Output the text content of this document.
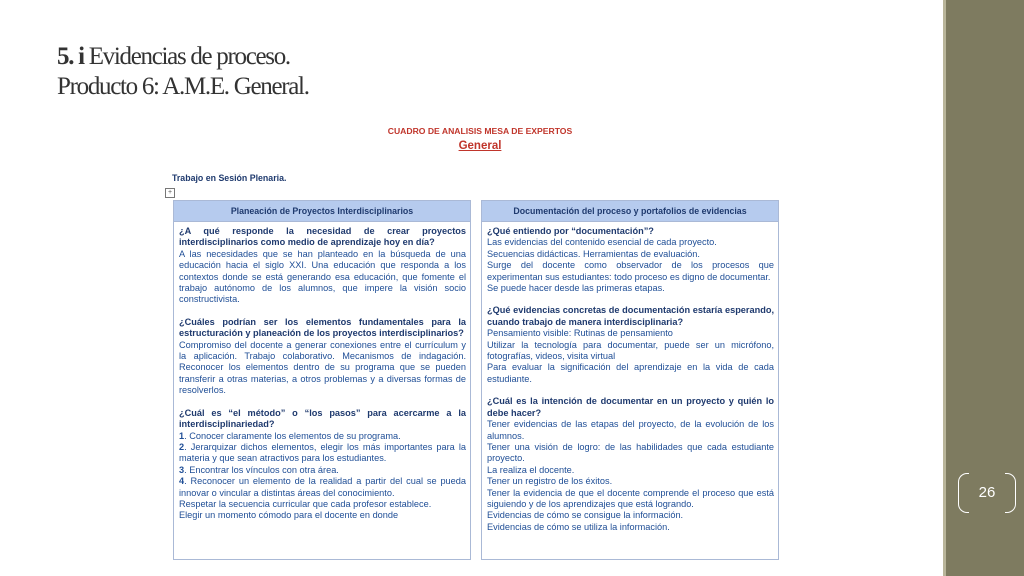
26
5. i Evidencias de proceso.
Producto 6: A.M.E. General.
CUADRO DE ANALISIS MESA DE EXPERTOS
General
Trabajo en Sesión Plenaria.
+
Planeación de Proyectos Interdisciplinarios

¿A qué responde la necesidad de crear proyectos interdisciplinarios como medio de aprendizaje hoy en día?

A las necesidades que se han planteado en la búsqueda de una educación hacia el siglo XXI. Una educación que responda a los contextos donde se está generando esa educación, que fomente el trabajo autónomo de los alumnos, que impere la visión socio constructivista.

¿Cuáles podrían ser los elementos fundamentales para la estructuración y planeación de los proyectos interdisciplinarios?

Compromiso del docente a generar conexiones entre el currículum y la aplicación. Trabajo colaborativo. Mecanismos de indagación. Reconocer los elementos dentro de su programa que se pueden transferir a otras materias, a otros problemas y a diversas formas de resolverlos.

¿Cuál es “el método” o “los pasos” para acercarme a la interdisciplinariedad?

1. Conocer claramente los elementos de su programa.

2. Jerarquizar dichos elementos, elegir los más importantes para la materia y que sean atractivos para los estudiantes.

3. Encontrar los vínculos con otra área.

4. Reconocer un elemento de la realidad a partir del cual se pueda innovar o vincular a distintas áreas del conocimiento.

Respetar la secuencia curricular que cada profesor establece.

Elegir un momento cómodo para el docente en donde

Documentación del proceso y portafolios de evidencias

¿Qué entiendo por “documentación”?

Las evidencias del contenido esencial de cada proyecto.

Secuencias didácticas. Herramientas de evaluación.

Surge del docente como observador de los procesos que experimentan sus estudiantes: todo proceso es digno de documentar.

Se puede hacer desde las primeras etapas.

¿Qué evidencias concretas de documentación estaría esperando, cuando trabajo de manera interdisciplinaria?

Pensamiento visible: Rutinas de pensamiento

Utilizar la tecnología para documentar, puede ser un micrófono, fotografías, videos, visita virtual

Para evaluar la significación del aprendizaje en la vida de cada estudiante.

¿Cuál es la intención de documentar en un proyecto y quién lo debe hacer?

Tener evidencias de las etapas del proyecto, de la evolución de los alumnos.

Tener una visión de logro: de las habilidades que cada estudiante proyecto.

La realiza el docente.

Tener un registro de los éxitos.

Tener la evidencia de que el docente comprende el proceso que está siguiendo y de los aprendizajes que está logrando.

Evidencias de cómo se consigue la información.

Evidencias de cómo se utiliza la información.
